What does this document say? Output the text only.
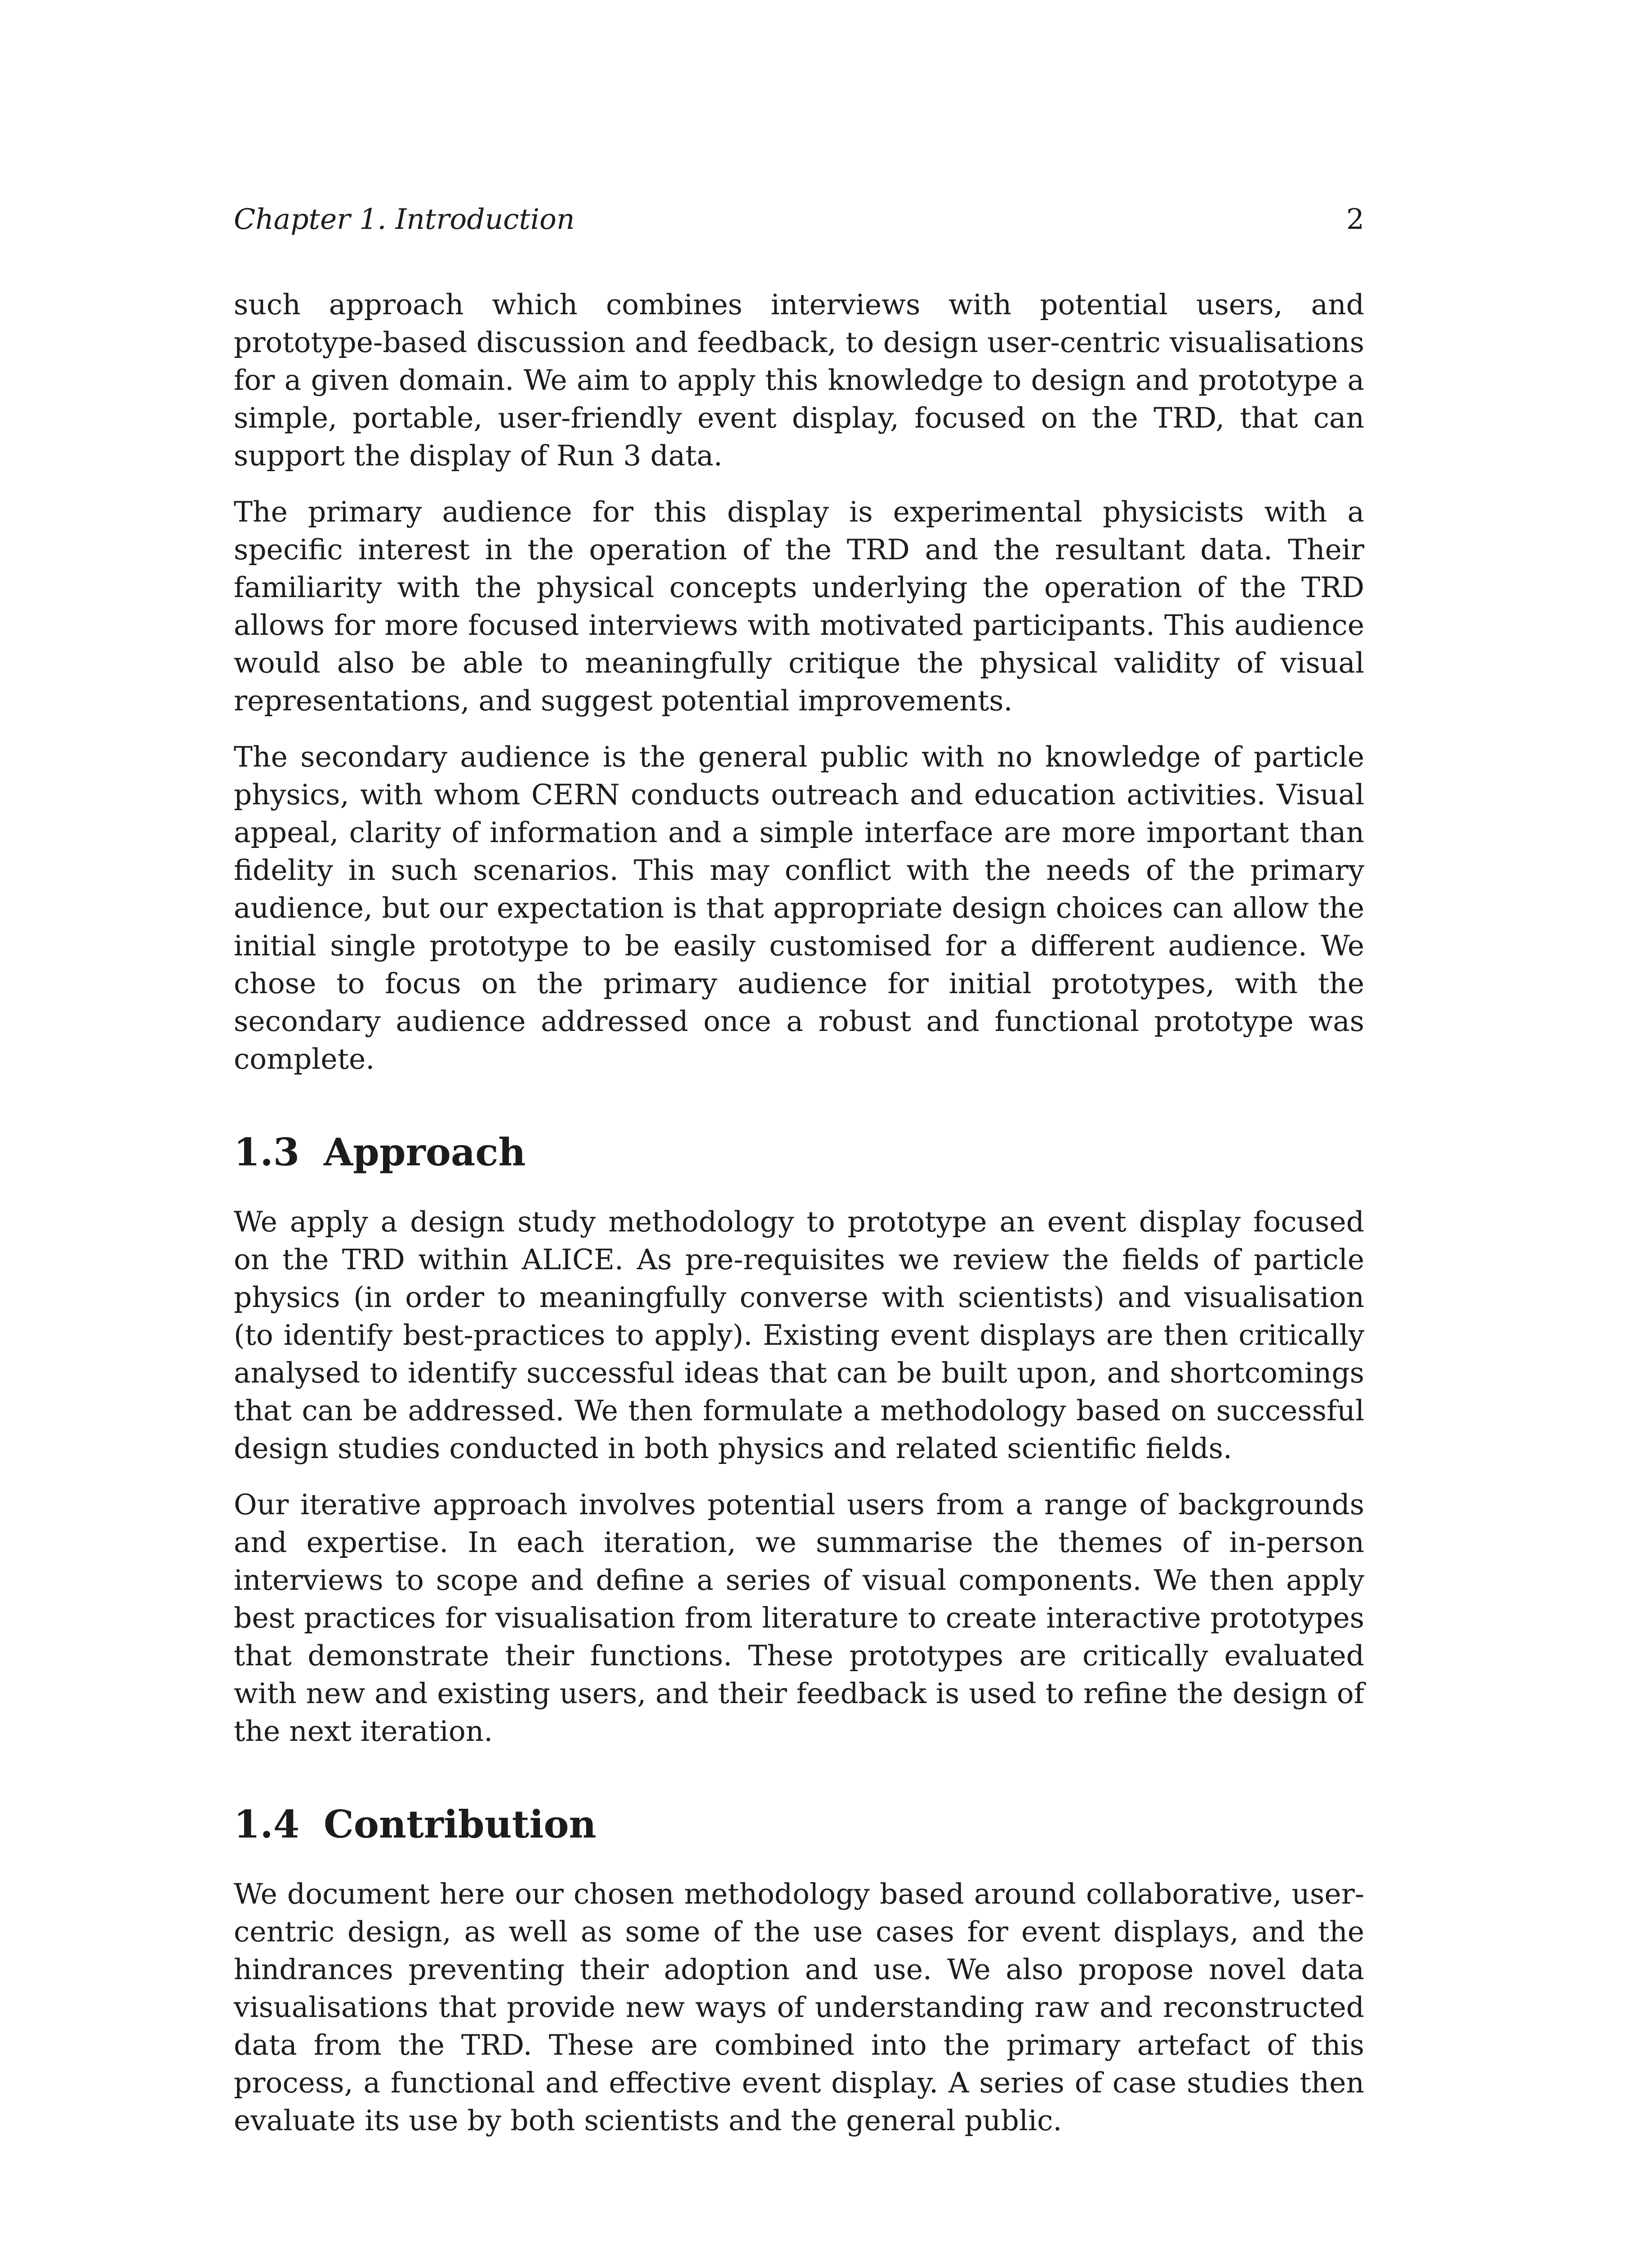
Chapter 1. Introduction	2

such approach which combines interviews with potential users, and prototype-based discussion and feedback, to design user-centric visualisations for a given domain. We aim to apply this knowledge to design and prototype a simple, portable, user-friendly event display, focused on the TRD, that can support the display of Run 3 data.

The primary audience for this display is experimental physicists with a specific interest in the operation of the TRD and the resultant data. Their familiarity with the physical concepts underlying the operation of the TRD allows for more focused interviews with motivated participants. This audience would also be able to meaningfully critique the physical validity of visual representations, and suggest potential improvements.

The secondary audience is the general public with no knowledge of particle physics, with whom CERN conducts outreach and education activities. Visual appeal, clarity of information and a simple interface are more important than fidelity in such scenarios. This may conflict with the needs of the primary audience, but our expectation is that appropriate design choices can allow the initial single prototype to be easily customised for a different audience. We chose to focus on the primary audience for initial prototypes, with the secondary audience addressed once a robust and functional prototype was complete.

1.3 Approach

We apply a design study methodology to prototype an event display focused on the TRD within ALICE. As pre-requisites we review the fields of particle physics (in order to meaningfully converse with scientists) and visualisation (to identify best-practices to apply). Existing event displays are then critically analysed to identify successful ideas that can be built upon, and shortcomings that can be addressed. We then formulate a methodology based on successful design studies conducted in both physics and related scientific fields.

Our iterative approach involves potential users from a range of backgrounds and expertise. In each iteration, we summarise the themes of in-person interviews to scope and define a series of visual components. We then apply best practices for visualisation from literature to create interactive prototypes that demonstrate their functions. These prototypes are critically evaluated with new and existing users, and their feedback is used to refine the design of the next iteration.

1.4 Contribution

We document here our chosen methodology based around collaborative, user-centric design, as well as some of the use cases for event displays, and the hindrances preventing their adoption and use. We also propose novel data visualisations that provide new ways of understanding raw and reconstructed data from the TRD. These are combined into the primary artefact of this process, a functional and effective event display. A series of case studies then evaluate its use by both scientists and the general public.
